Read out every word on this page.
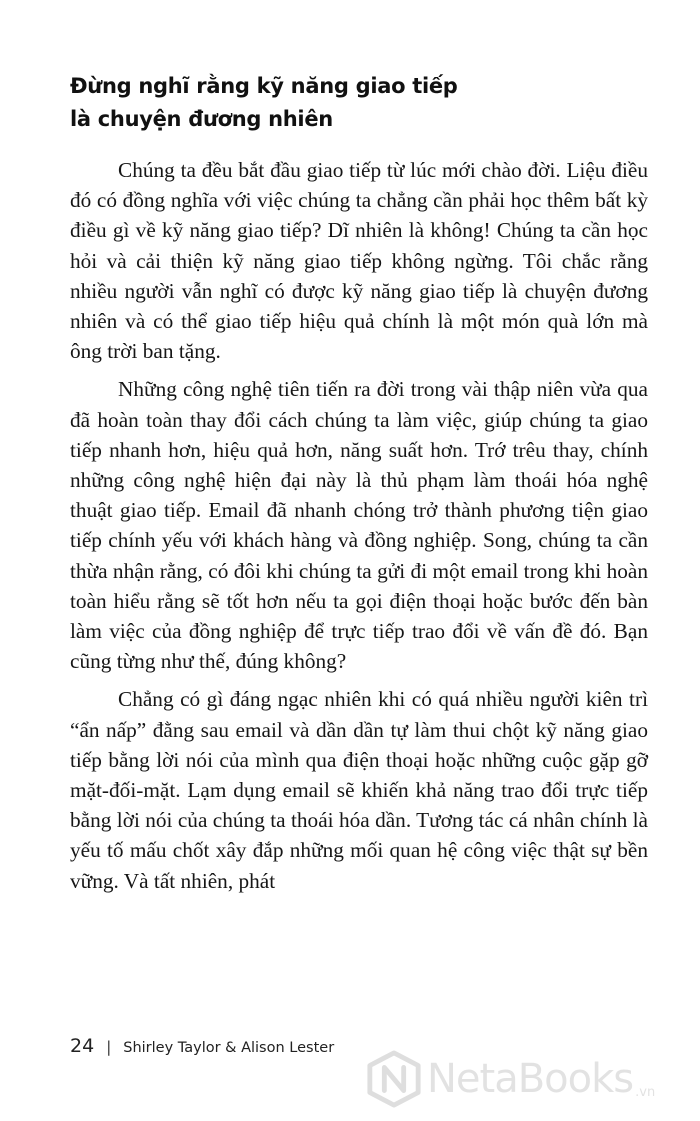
Đừng nghĩ rằng kỹ năng giao tiếp
là chuyện đương nhiên

Chúng ta đều bắt đầu giao tiếp từ lúc mới chào đời. Liệu điều đó có đồng nghĩa với việc chúng ta chẳng cần phải học thêm bất kỳ điều gì về kỹ năng giao tiếp? Dĩ nhiên là không! Chúng ta cần học hỏi và cải thiện kỹ năng giao tiếp không ngừng. Tôi chắc rằng nhiều người vẫn nghĩ có được kỹ năng giao tiếp là chuyện đương nhiên và có thể giao tiếp hiệu quả chính là một món quà lớn mà ông trời ban tặng.

Những công nghệ tiên tiến ra đời trong vài thập niên vừa qua đã hoàn toàn thay đổi cách chúng ta làm việc, giúp chúng ta giao tiếp nhanh hơn, hiệu quả hơn, năng suất hơn. Trớ trêu thay, chính những công nghệ hiện đại này là thủ phạm làm thoái hóa nghệ thuật giao tiếp. Email đã nhanh chóng trở thành phương tiện giao tiếp chính yếu với khách hàng và đồng nghiệp. Song, chúng ta cần thừa nhận rằng, có đôi khi chúng ta gửi đi một email trong khi hoàn toàn hiểu rằng sẽ tốt hơn nếu ta gọi điện thoại hoặc bước đến bàn làm việc của đồng nghiệp để trực tiếp trao đổi về vấn đề đó. Bạn cũng từng như thế, đúng không?

Chẳng có gì đáng ngạc nhiên khi có quá nhiều người kiên trì “ẩn nấp” đằng sau email và dần dần tự làm thui chột kỹ năng giao tiếp bằng lời nói của mình qua điện thoại hoặc những cuộc gặp gỡ mặt-đối-mặt. Lạm dụng email sẽ khiến khả năng trao đổi trực tiếp bằng lời nói của chúng ta thoái hóa dần. Tương tác cá nhân chính là yếu tố mấu chốt xây đắp những mối quan hệ công việc thật sự bền vững. Và tất nhiên, phát

24 | Shirley Taylor & Alison Lester
NetaBooks .vn
